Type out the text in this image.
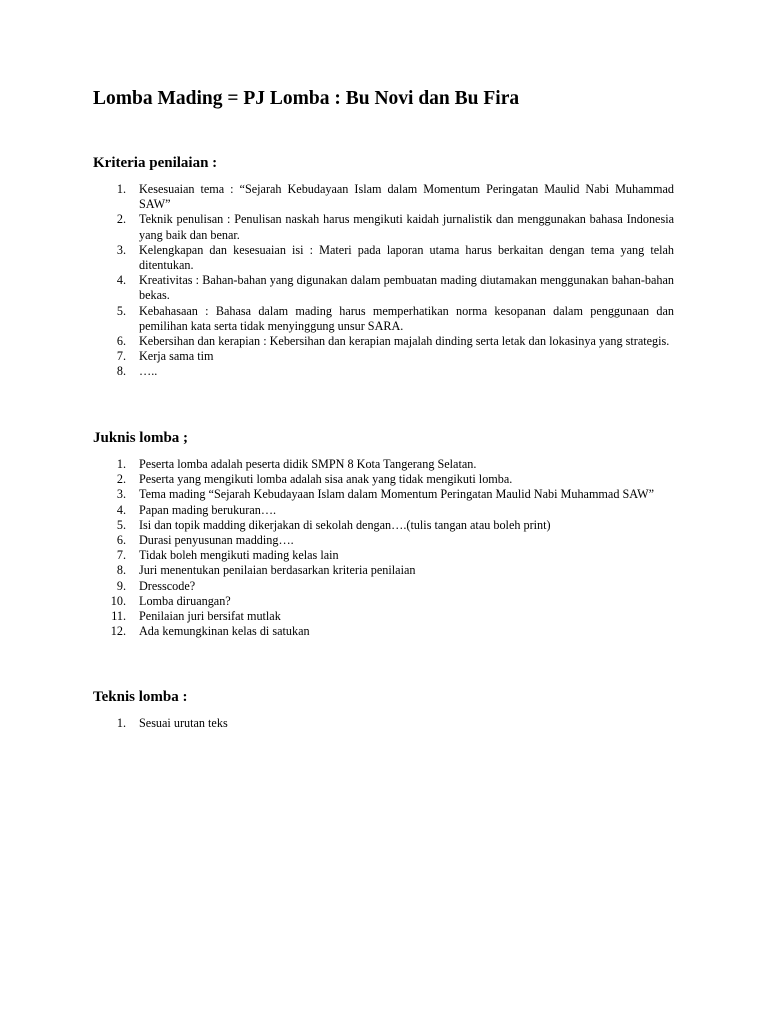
Lomba Mading = PJ Lomba : Bu Novi dan Bu Fira
Kriteria penilaian :
1. Kesesuaian tema : “Sejarah Kebudayaan Islam dalam Momentum Peringatan Maulid Nabi Muhammad SAW”
2. Teknik penulisan : Penulisan naskah harus mengikuti kaidah jurnalistik dan menggunakan bahasa Indonesia yang baik dan benar.
3. Kelengkapan dan kesesuaian isi : Materi pada laporan utama harus berkaitan dengan tema yang telah ditentukan.
4. Kreativitas : Bahan-bahan yang digunakan dalam pembuatan mading diutamakan menggunakan bahan-bahan bekas.
5. Kebahasaan : Bahasa dalam mading harus memperhatikan norma kesopanan dalam penggunaan dan pemilihan kata serta tidak menyinggung unsur SARA.
6. Kebersihan dan kerapian : Kebersihan dan kerapian majalah dinding serta letak dan lokasinya yang strategis.
7. Kerja sama tim
8. …..
Juknis lomba ;
1. Peserta lomba adalah peserta didik SMPN 8 Kota Tangerang Selatan.
2. Peserta yang mengikuti lomba adalah sisa anak yang tidak mengikuti lomba.
3. Tema mading “Sejarah Kebudayaan Islam dalam Momentum Peringatan Maulid Nabi Muhammad SAW”
4. Papan mading berukuran….
5. Isi dan topik madding dikerjakan di sekolah dengan….(tulis tangan atau boleh print)
6. Durasi penyusunan madding….
7. Tidak boleh mengikuti mading kelas lain
8. Juri menentukan penilaian berdasarkan kriteria penilaian
9. Dresscode?
10. Lomba diruangan?
11. Penilaian juri bersifat mutlak
12. Ada kemungkinan kelas di satukan
Teknis lomba :
1. Sesuai urutan teks
